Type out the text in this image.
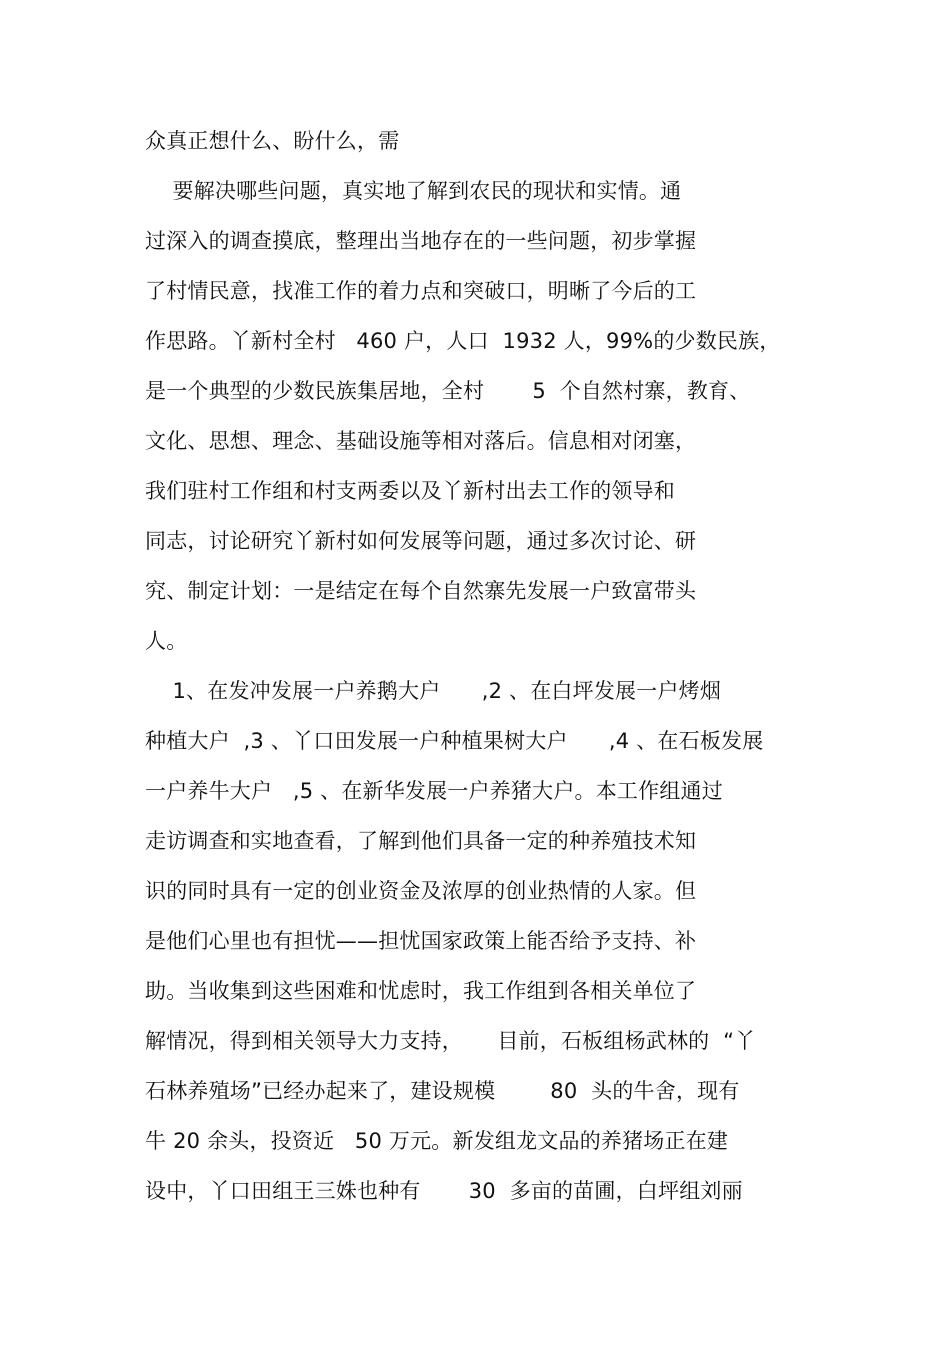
众真正想什么、盼什么，需
要解决哪些问题，真实地了解到农民的现状和实情。通
过深入的调查摸底，整理出当地存在的一些问题，初步掌握
了村情民意，找准工作的着力点和突破口，明晰了今后的工
作思路。丫新村全村   460 户，人口  1932 人，99%的少数民族，
是一个典型的少数民族集居地，全村       5  个自然村寨，教育、
文化、思想、理念、基础设施等相对落后。信息相对闭塞，
我们驻村工作组和村支两委以及丫新村出去工作的领导和
同志，讨论研究丫新村如何发展等问题，通过多次讨论、研
究、制定计划：一是结定在每个自然寨先发展一户致富带头
人。
1、在发冲发展一户养鹅大户      ,2 、在白坪发展一户烤烟
种植大户  ,3 、丫口田发展一户种植果树大户      ,4 、在石板发展
一户养牛大户   ,5 、在新华发展一户养猪大户。本工作组通过
走访调查和实地查看，了解到他们具备一定的种养殖技术知
识的同时具有一定的创业资金及浓厚的创业热情的人家。但
是他们心里也有担忧——担忧国家政策上能否给予支持、补
助。当收集到这些困难和忧虑时，我工作组到各相关单位了
解情况，得到相关领导大力支持，     目前，石板组杨武林的  “丫
石林养殖场”已经办起来了，建设规模        80  头的牛舍，现有
牛 20 余头，投资近   50 万元。新发组龙文品的养猪场正在建
设中，丫口田组王三姝也种有       30  多亩的苗圃，白坪组刘丽
